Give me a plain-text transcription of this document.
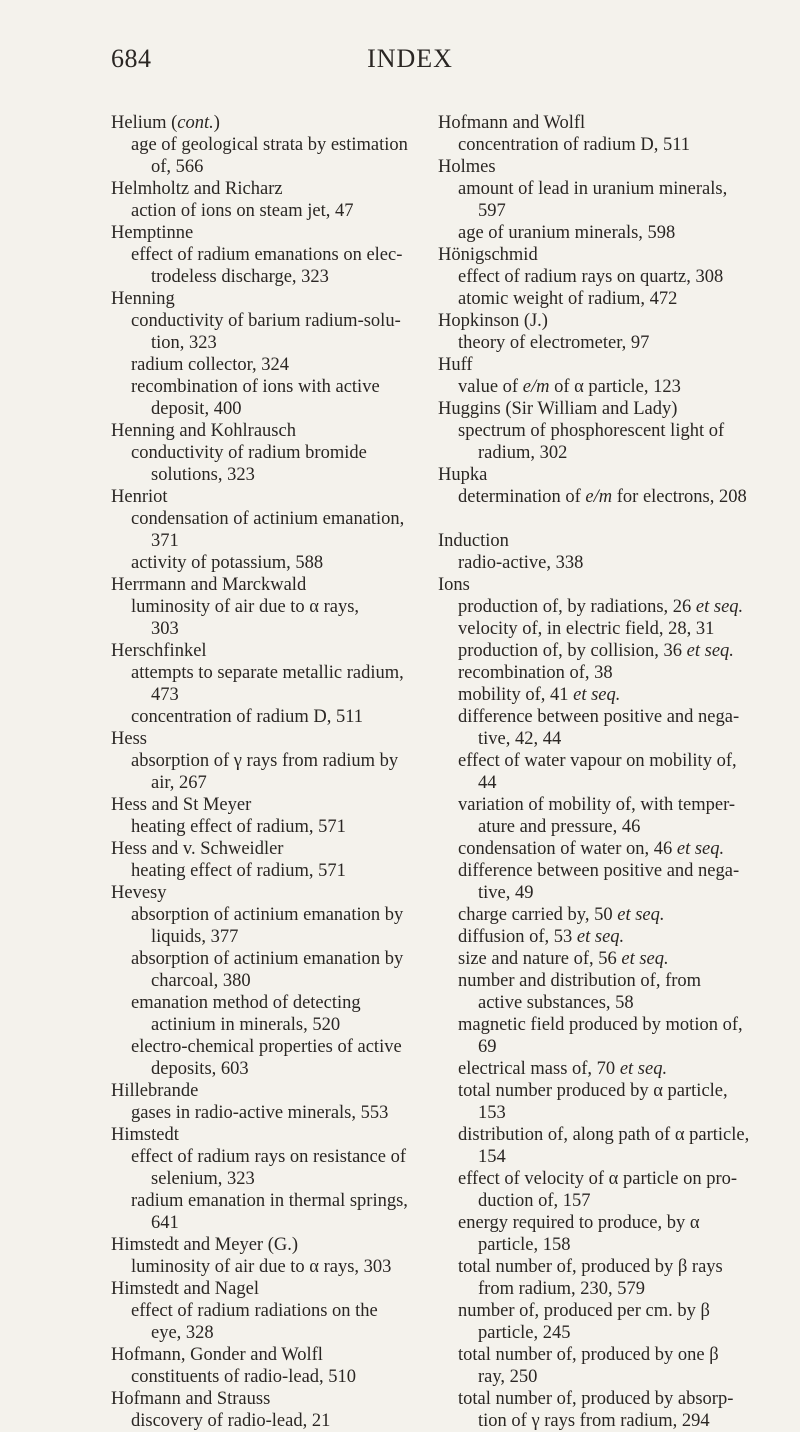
684	INDEX
Helium (cont.)
age of geological strata by estimation
of, 566
Helmholtz and Richarz
action of ions on steam jet, 47
Hemptinne
effect of radium emanations on elec-
trodeless discharge, 323
Henning
conductivity of barium radium-solu-
tion, 323
radium collector, 324
recombination of ions with active
deposit, 400
Henning and Kohlrausch
conductivity of radium bromide
solutions, 323
Henriot
condensation of actinium emanation,
371
activity of potassium, 588
Herrmann and Marckwald
luminosity of air due to α rays,
303
Herschfinkel
attempts to separate metallic radium,
473
concentration of radium D, 511
Hess
absorption of γ rays from radium by
air, 267
Hess and St Meyer
heating effect of radium, 571
Hess and v. Schweidler
heating effect of radium, 571
Hevesy
absorption of actinium emanation by
liquids, 377
absorption of actinium emanation by
charcoal, 380
emanation method of detecting
actinium in minerals, 520
electro-chemical properties of active
deposits, 603
Hillebrande
gases in radio-active minerals, 553
Himstedt
effect of radium rays on resistance of
selenium, 323
radium emanation in thermal springs,
641
Himstedt and Meyer (G.)
luminosity of air due to α rays, 303
Himstedt and Nagel
effect of radium radiations on the
eye, 328
Hofmann, Gonder and Wolfl
constituents of radio-lead, 510
Hofmann and Strauss
discovery of radio-lead, 21
Hofmann and Wolfl
concentration of radium D, 511
Holmes
amount of lead in uranium minerals,
597
age of uranium minerals, 598
Hönigschmid
effect of radium rays on quartz, 308
atomic weight of radium, 472
Hopkinson (J.)
theory of electrometer, 97
Huff
value of e/m of α particle, 123
Huggins (Sir William and Lady)
spectrum of phosphorescent light of
radium, 302
Hupka
determination of e/m for electrons, 208
Induction
radio-active, 338
Ions
production of, by radiations, 26 et seq.
velocity of, in electric field, 28, 31
production of, by collision, 36 et seq.
recombination of, 38
mobility of, 41 et seq.
difference between positive and nega-
tive, 42, 44
effect of water vapour on mobility of,
44
variation of mobility of, with temper-
ature and pressure, 46
condensation of water on, 46 et seq.
difference between positive and nega-
tive, 49
charge carried by, 50 et seq.
diffusion of, 53 et seq.
size and nature of, 56 et seq.
number and distribution of, from
active substances, 58
magnetic field produced by motion of,
69
electrical mass of, 70 et seq.
total number produced by α particle,
153
distribution of, along path of α particle,
154
effect of velocity of α particle on pro-
duction of, 157
energy required to produce, by α
particle, 158
total number of, produced by β rays
from radium, 230, 579
number of, produced per cm. by β
particle, 245
total number of, produced by one β
ray, 250
total number of, produced by absorp-
tion of γ rays from radium, 294
